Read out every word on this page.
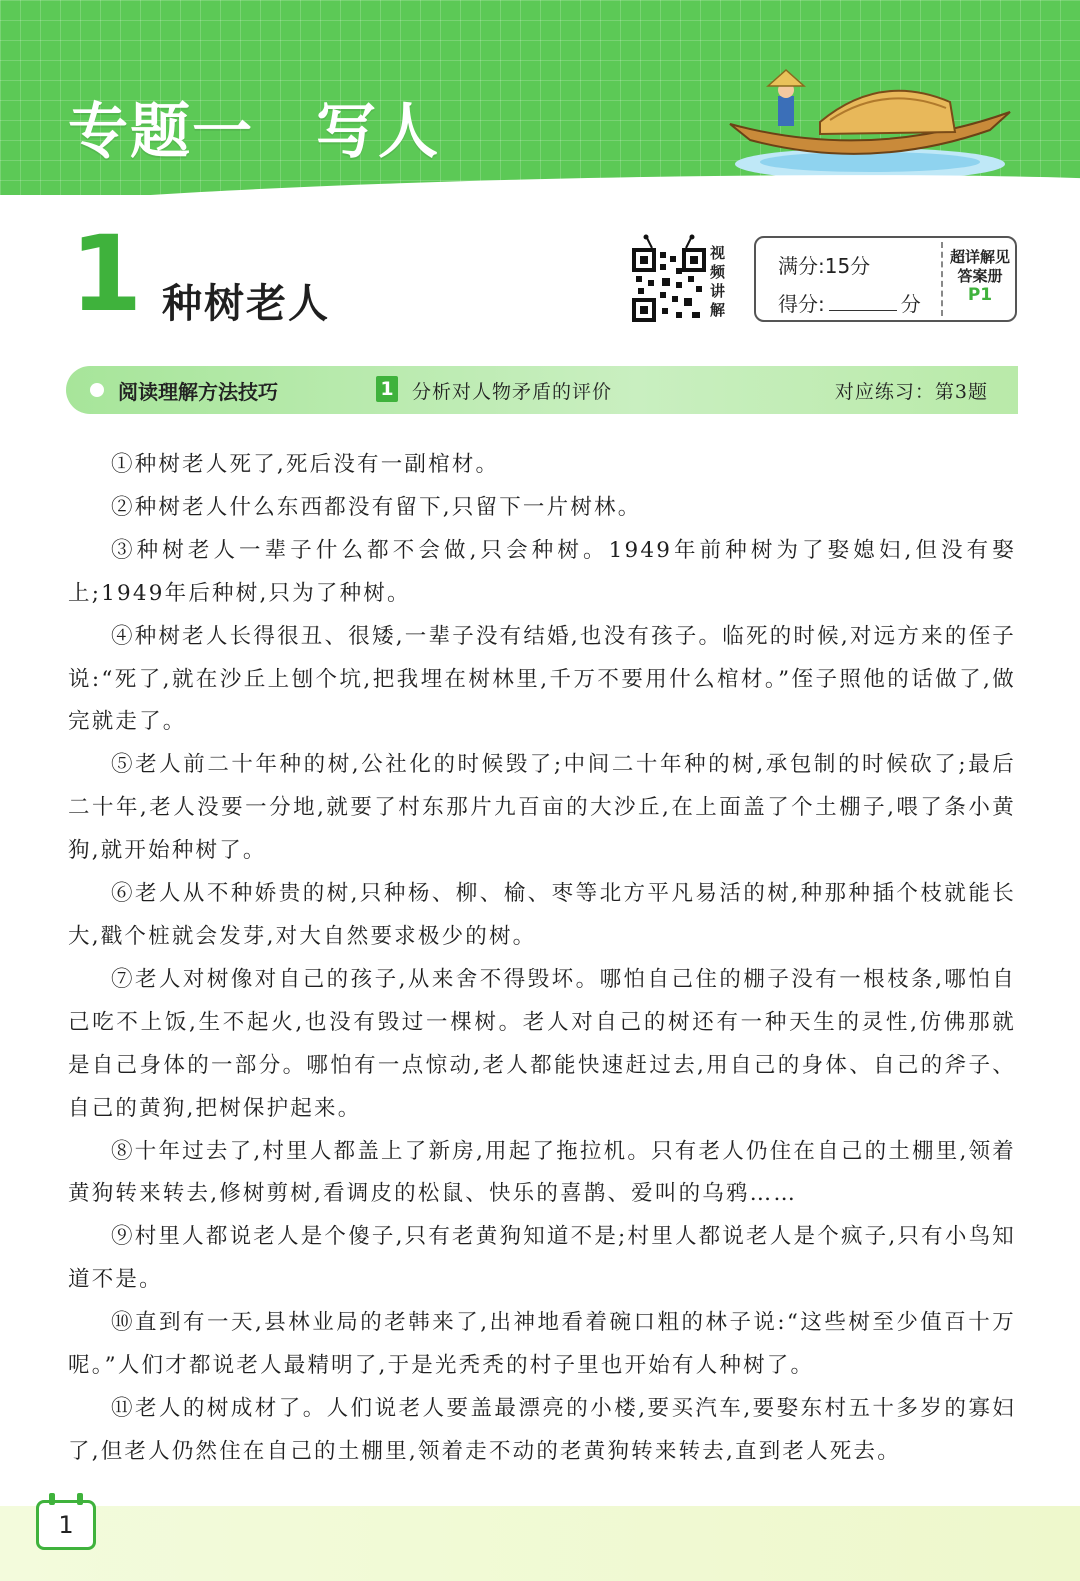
专题一　写人
1 种树老人
视频讲解
满分:15分
得分:	分
超详解见答案册
P1
阅读理解方法技巧	1 分析对人物矛盾的评价	对应练习：第3题

①种树老人死了,死后没有一副棺材。

②种树老人什么东西都没有留下,只留下一片树林。

③种树老人一辈子什么都不会做,只会种树。1949年前种树为了娶媳妇,但没有娶上;1949年后种树,只为了种树。

④种树老人长得很丑、很矮,一辈子没有结婚,也没有孩子。临死的时候,对远方来的侄子说:“死了,就在沙丘上刨个坑,把我埋在树林里,千万不要用什么棺材。”侄子照他的话做了,做完就走了。

⑤老人前二十年种的树,公社化的时候毁了;中间二十年种的树,承包制的时候砍了;最后二十年,老人没要一分地,就要了村东那片九百亩的大沙丘,在上面盖了个土棚子,喂了条小黄狗,就开始种树了。

⑥老人从不种娇贵的树,只种杨、柳、榆、枣等北方平凡易活的树,种那种插个枝就能长大,戳个桩就会发芽,对大自然要求极少的树。

⑦老人对树像对自己的孩子,从来舍不得毁坏。哪怕自己住的棚子没有一根枝条,哪怕自己吃不上饭,生不起火,也没有毁过一棵树。老人对自己的树还有一种天生的灵性,仿佛那就是自己身体的一部分。哪怕有一点惊动,老人都能快速赶过去,用自己的身体、自己的斧子、自己的黄狗,把树保护起来。

⑧十年过去了,村里人都盖上了新房,用起了拖拉机。只有老人仍住在自己的土棚里,领着黄狗转来转去,修树剪树,看调皮的松鼠、快乐的喜鹊、爱叫的乌鸦……

⑨村里人都说老人是个傻子,只有老黄狗知道不是;村里人都说老人是个疯子,只有小鸟知道不是。

⑩直到有一天,县林业局的老韩来了,出神地看着碗口粗的林子说:“这些树至少值百十万呢。”人们才都说老人最精明了,于是光秃秃的村子里也开始有人种树了。

⑪老人的树成材了。人们说老人要盖最漂亮的小楼,要买汽车,要娶东村五十多岁的寡妇了,但老人仍然住在自己的土棚里,领着走不动的老黄狗转来转去,直到老人死去。

1
